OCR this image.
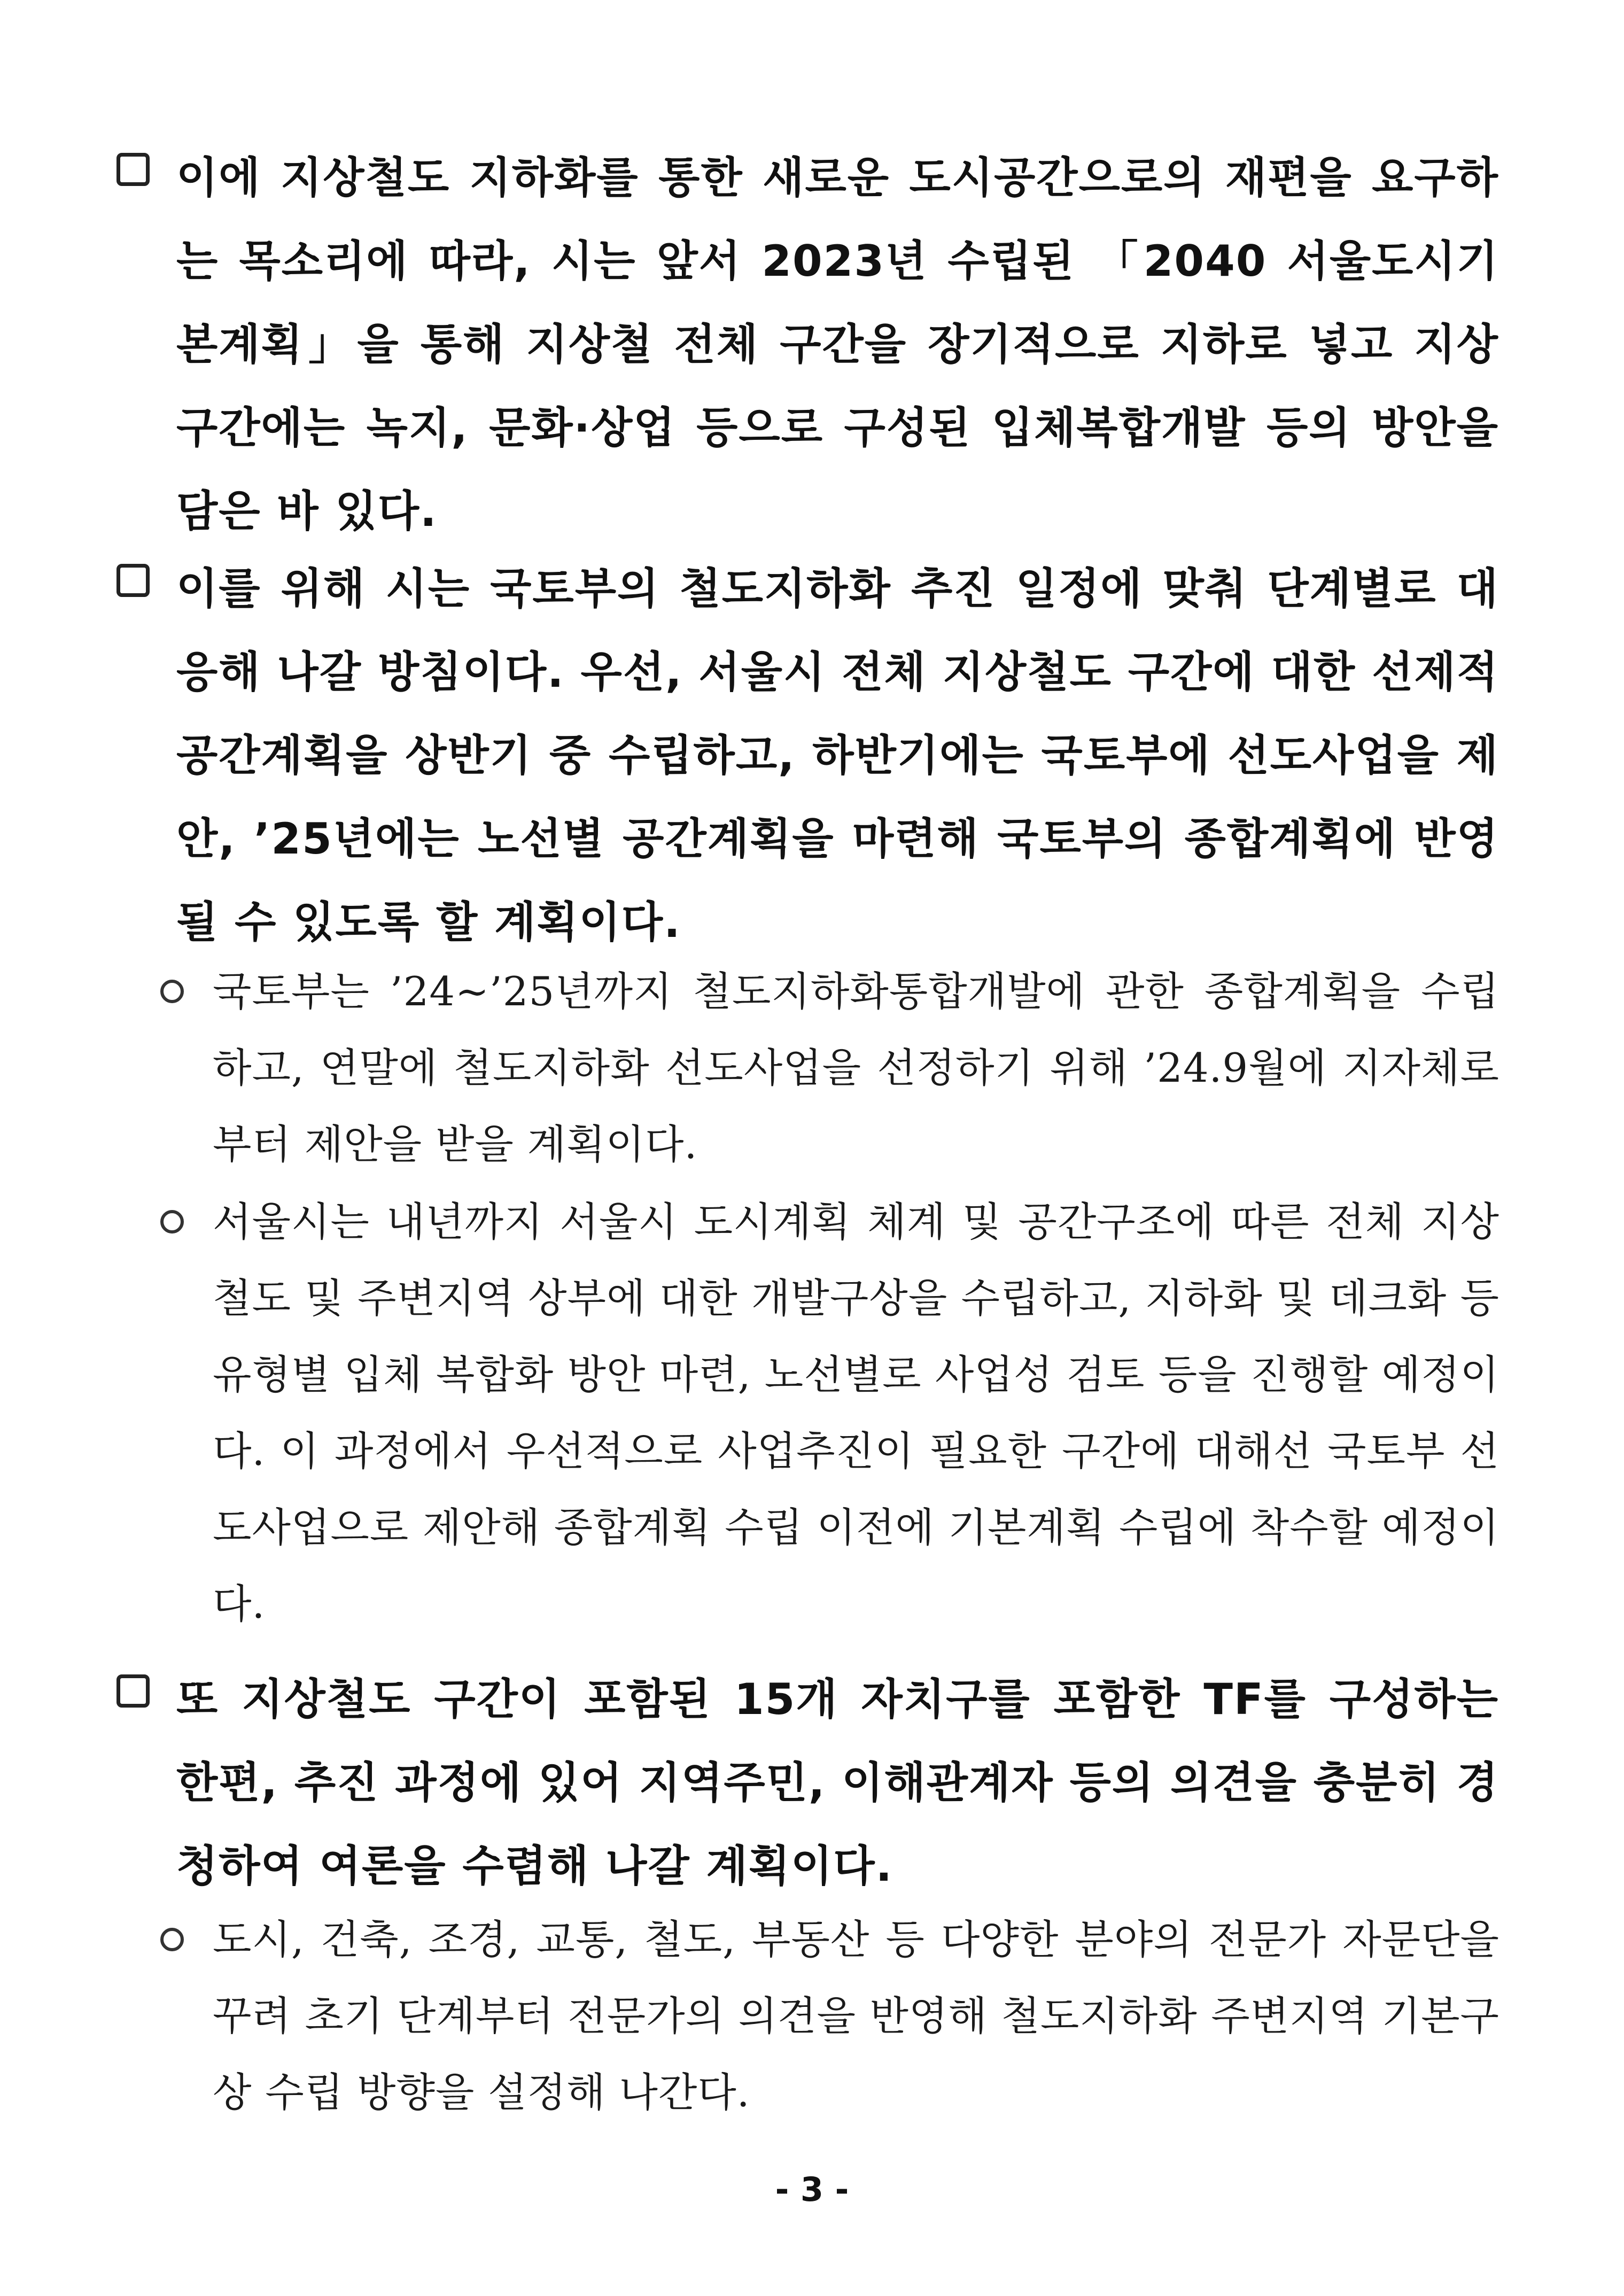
이에 지상철도 지하화를 통한 새로운 도시공간으로의 재편을 요구하는 목소리에 따라, 시는 앞서 2023년 수립된 「2040 서울도시기본계획」을 통해 지상철 전체 구간을 장기적으로 지하로 넣고 지상 구간에는 녹지, 문화·상업 등으로 구성된 입체복합개발 등의 방안을 담은 바 있다.
이를 위해 시는 국토부의 철도지하화 추진 일정에 맞춰 단계별로 대응해 나갈 방침이다. 우선, 서울시 전체 지상철도 구간에 대한 선제적 공간계획을 상반기 중 수립하고, 하반기에는 국토부에 선도사업을 제안, ’25년에는 노선별 공간계획을 마련해 국토부의 종합계획에 반영될 수 있도록 할 계획이다.
국토부는 ’24~’25년까지 철도지하화통합개발에 관한 종합계획을 수립하고, 연말에 철도지하화 선도사업을 선정하기 위해 ’24.9월에 지자체로부터 제안을 받을 계획이다.
서울시는 내년까지 서울시 도시계획 체계 및 공간구조에 따른 전체 지상철도 및 주변지역 상부에 대한 개발구상을 수립하고, 지하화 및 데크화 등 유형별 입체 복합화 방안 마련, 노선별로 사업성 검토 등을 진행할 예정이다. 이 과정에서 우선적으로 사업추진이 필요한 구간에 대해선 국토부 선도사업으로 제안해 종합계획 수립 이전에 기본계획 수립에 착수할 예정이다.
또 지상철도 구간이 포함된 15개 자치구를 포함한 TF를 구성하는 한편, 추진 과정에 있어 지역주민, 이해관계자 등의 의견을 충분히 경청하여 여론을 수렴해 나갈 계획이다.
도시, 건축, 조경, 교통, 철도, 부동산 등 다양한 분야의 전문가 자문단을 꾸려 초기 단계부터 전문가의 의견을 반영해 철도지하화 주변지역 기본구상 수립 방향을 설정해 나간다.
- 3 -
